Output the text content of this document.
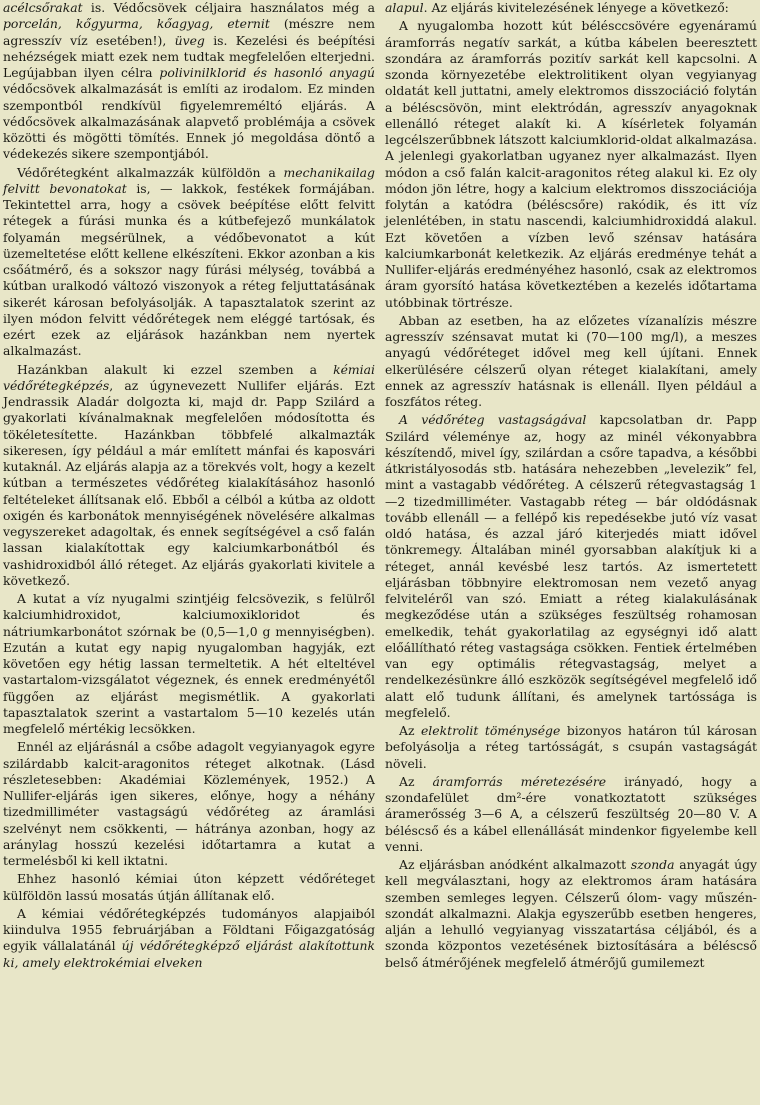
acélcsőrakat is. Védőcsövek céljaira használatos még a porcelán, kőgyurma, kőagyag, eternit (mészre nem agresszív víz esetében!), üveg is. Kezelési és beépítési nehézségek miatt ezek nem tudtak megfelelően elterjedni. Legújabban ilyen célra polivinilklorid és hasonló anyagú védőcsövek alkalmazását is említi az irodalom. Ez minden szempontból rendkívül figyelemreméltó eljárás. A védőcsövek alkalmazásának alapvető problémája a csövek közötti és mögötti tömítés. Ennek jó megoldása döntő a védekezés sikere szempontjából.

Védőrétegként alkalmazzák külföldön a mechanikailag felvitt bevonatokat is, — lakkok, festékek formájában. Tekintettel arra, hogy a csövek beépítése előtt felvitt rétegek a fúrási munka és a kútbefejező munkálatok folyamán megsérülnek, a védőbevonatot a kút üzemeltetése előtt kellene elkészíteni. Ekkor azonban a kis csőátmérő, és a sokszor nagy fúrási mélység, továbbá a kútban uralkodó változó viszonyok a réteg feljuttatásának sikerét károsan befolyásolják. A tapasztalatok szerint az ilyen módon felvitt védőrétegek nem eléggé tartósak, és ezért ezek az eljárások hazánkban nem nyertek alkalmazást.

Hazánkban alakult ki ezzel szemben a kémiai védőrétegképzés, az úgynevezett Nullifer eljárás. Ezt Jendrassik Aladár dolgozta ki, majd dr. Papp Szilárd a gyakorlati kívánalmaknak megfelelően módosította és tökéletesítette. Hazánkban többfelé alkalmazták sikeresen, így például a már említett mánfai és kaposvári kutaknál. Az eljárás alapja az a törekvés volt, hogy a kezelt kútban a természetes védőréteg kialakításához hasonló feltételeket állítsanak elő. Ebből a célból a kútba az oldott oxigén és karbonátok mennyiségének növelésére alkalmas vegyszereket adagoltak, és ennek segítségével a cső falán lassan kialakítottak egy kalciumkarbonátból és vashidroxidból álló réteget. Az eljárás gyakorlati kivitele a következő.

A kutat a víz nyugalmi szintjéig felcsövezik, s felülről kalciumhidroxidot, kalciumoxikloridot és nátriumkarbonátot szórnak be (0,5—1,0 g mennyiségben). Ezután a kutat egy napig nyugalomban hagyják, ezt követően egy hétig lassan termeltetik. A hét elteltével vastartalom-vizsgálatot végeznek, és ennek eredményétől függően az eljárást megismétlik. A gyakorlati tapasztalatok szerint a vastartalom 5—10 kezelés után megfelelő mértékig lecsökken.

Ennél az eljárásnál a csőbe adagolt vegyianyagok egyre szilárdabb kalcit-aragonitos réteget alkotnak. (Lásd részletesebben: Akadémiai Közlemények, 1952.) A Nullifer-eljárás igen sikeres, előnye, hogy a néhány tizedmilliméter vastagságú védőréteg az áramlási szelvényt nem csökkenti, — hátránya azonban, hogy az aránylag hosszú kezelési időtartamra a kutat a termelésből ki kell iktatni.

Ehhez hasonló kémiai úton képzett védőréteget külföldön lassú mosatás útján állítanak elő.

A kémiai védőrétegképzés tudományos alapjaiból kiindulva 1955 februárjában a Földtani Főigazgatóság egyik vállalatánál új védőrétegképző eljárást alakítottunk ki, amely elektrokémiai elveken

alapul. Az eljárás kivitelezésének lényege a következő:

A nyugalomba hozott kút bélésccsövére egyenáramú áramforrás negatív sarkát, a kútba kábelen beeresztett szondára az áramforrás pozitív sarkát kell kapcsolni. A szonda környezetébe elektrolitikent olyan vegyianyag oldatát kell juttatni, amely elektromos disszociáció folytán a béléscsövön, mint elektródán, agresszív anyagoknak ellenálló réteget alakít ki. A kísérletek folyamán legcélszerűbbnek látszott kalciumklorid-oldat alkalmazása. A jelenlegi gyakorlatban ugyanez nyer alkalmazást. Ilyen módon a cső falán kalcit-aragonitos réteg alakul ki. Ez oly módon jön létre, hogy a kalcium elektromos disszociációja folytán a katódra (béléscsőre) rakódik, és itt víz jelenlétében, in statu nascendi, kalciumhidroxiddá alakul. Ezt követően a vízben levő szénsav hatására kalciumkarbonát keletkezik. Az eljárás eredménye tehát a Nullifer-eljárás eredményéhez hasonló, csak az elektromos áram gyorsító hatása következtében a kezelés időtartama utóbbinak törtrésze.

Abban az esetben, ha az előzetes vízanalízis mészre agresszív szénsavat mutat ki (70—100 mg/l), a meszes anyagú védőréteget idővel meg kell újítani. Ennek elkerülésére célszerű olyan réteget kialakítani, amely ennek az agresszív hatásnak is ellenáll. Ilyen például a foszfátos réteg.

A védőréteg vastagságával kapcsolatban dr. Papp Szilárd véleménye az, hogy az minél vékonyabbra készítendő, mivel így, szilárdan a csőre tapadva, a későbbi átkristályosodás stb. hatására nehezebben „levelezik” fel, mint a vastagabb védőréteg. A célszerű rétegvastagság 1—2 tizedmilliméter. Vastagabb réteg — bár oldódásnak tovább ellenáll — a fellépő kis repedésekbe jutó víz vasat oldó hatása, és azzal járó kiterjedés miatt idővel tönkremegy. Általában minél gyorsabban alakítjuk ki a réteget, annál kevésbé lesz tartós. Az ismertetett eljárásban többnyire elektromosan nem vezető anyag felviteléről van szó. Emiatt a réteg kialakulásának megkeződése után a szükséges feszültség rohamosan emelkedik, tehát gyakorlatilag az egységnyi idő alatt előállítható réteg vastagsága csökken. Fentiek értelmében van egy optimális rétegvastagság, melyet a rendelkezésünkre álló eszközök segítségével megfelelő idő alatt elő tudunk állítani, és amelynek tartóssága is megfelelő.

Az elektrolit töménysége bizonyos határon túl károsan befolyásolja a réteg tartósságát, s csupán vastagságát növeli.

Az áramforrás méretezésére irányadó, hogy a szondafelület dm²-ére vonatkoztatott szükséges áramerősség 3—6 A, a célszerű feszültség 20—80 V. A béléscső és a kábel ellenállását mindenkor figyelembe kell venni.

Az eljárásban anódként alkalmazott szonda anyagát úgy kell megválasztani, hogy az elektromos áram hatására szemben semleges legyen. Célszerű ólom- vagy műszén-szondát alkalmazni. Alakja egyszerűbb esetben hengeres, alján a lehulló vegyianyag visszatartása céljából, és a szonda központos vezetésének biztosítására a béléscső belső átmérőjének megfelelő átmérőjű gumilemezt
